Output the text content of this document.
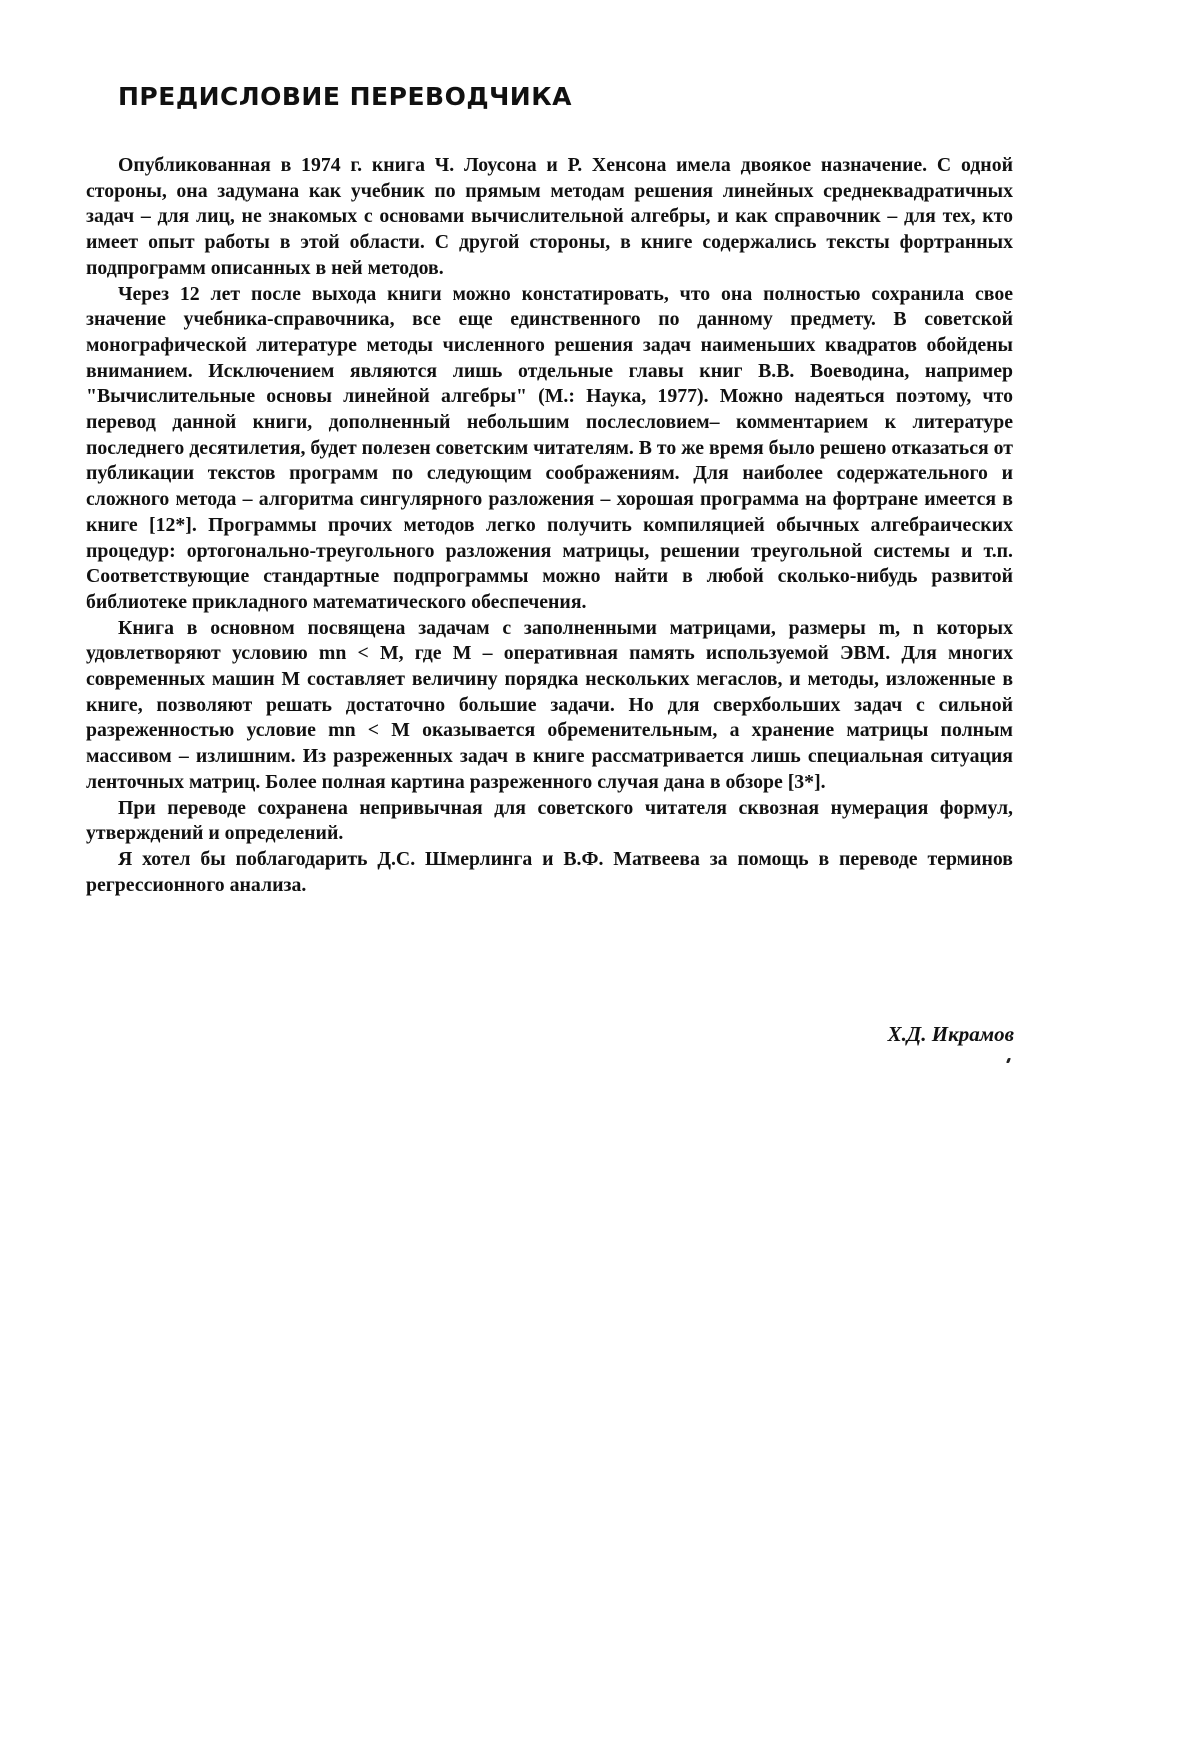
ПРЕДИСЛОВИЕ ПЕРЕВОДЧИКА

Опубликованная в 1974 г. книга Ч. Лоусона и Р. Хенсона имела двоякое назначение. С одной стороны, она задумана как учебник по прямым методам решения линейных среднеквадратичных задач – для лиц, не знакомых с основами вычислительной алгебры, и как справочник – для тех, кто имеет опыт работы в этой области. С другой стороны, в книге содержались тексты фортранных подпрограмм описанных в ней методов.

Через 12 лет после выхода книги можно констатировать, что она полностью сохранила свое значение учебника-справочника, все еще единственного по данному предмету. В советской монографической литературе методы численного решения задач наименьших квадратов обойдены вниманием. Исключением являются лишь отдельные главы книг В.В. Воеводина, например "Вычислительные основы линейной алгебры" (М.: Наука, 1977). Можно надеяться поэтому, что перевод данной книги, дополненный небольшим послесловием– комментарием к литературе последнего десятилетия, будет полезен советским читателям. В то же время было решено отказаться от публикации текстов программ по следующим соображениям. Для наиболее содержательного и сложного метода – алгоритма сингулярного разложения – хорошая программа на фортране имеется в книге [12*]. Программы прочих методов легко получить компиляцией обычных алгебраических процедур: ортогонально-треугольного разложения матрицы, решении треугольной системы и т.п. Соответствующие стандартные подпрограммы можно найти в любой сколько-нибудь развитой библиотеке прикладного математического обеспечения.

Книга в основном посвящена задачам с заполненными матрицами, размеры m, n которых удовлетворяют условию mn < M, где M – оперативная память используемой ЭВМ. Для многих современных машин M составляет величину порядка нескольких мегаслов, и методы, изложенные в книге, позволяют решать достаточно большие задачи. Но для сверхбольших задач с сильной разреженностью условие mn < M оказывается обременительным, а хранение матрицы полным массивом – излишним. Из разреженных задач в книге рассматривается лишь специальная ситуация ленточных матриц. Более полная картина разреженного случая дана в обзоре [3*].

При переводе сохранена непривычная для советского читателя сквозная нумерация формул, утверждений и определений.

Я хотел бы поблагодарить Д.С. Шмерлинга и В.Ф. Матвеева за помощь в переводе терминов регрессионного анализа.

Х.Д. Икрамов
